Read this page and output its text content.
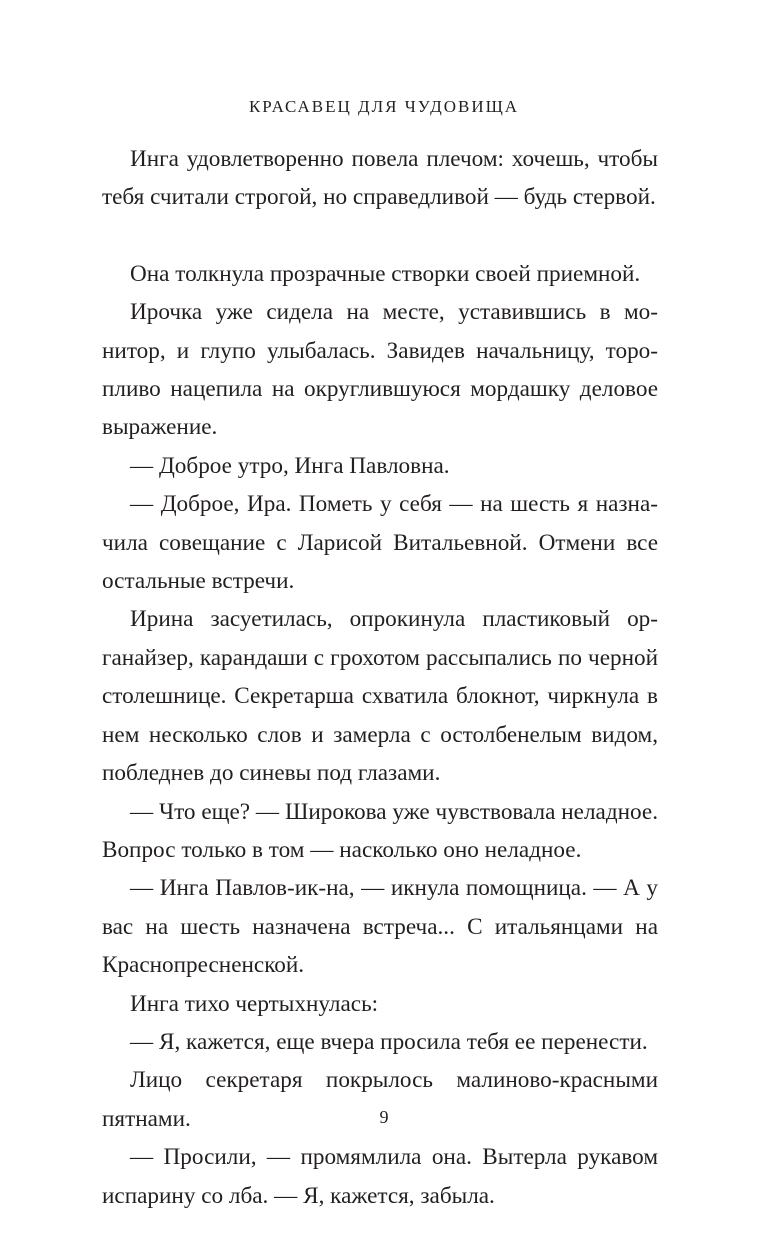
КРАСАВЕЦ ДЛЯ ЧУДОВИЩА

Инга удовлетворенно повела плечом: хочешь, чтобы тебя считали строгой, но справедливой — будь стервой.

Она толкнула прозрачные створки своей приемной.

Ирочка уже сидела на месте, уставившись в монитор, и глупо улыбалась. Завидев начальницу, торопливо нацепила на округлившуюся мордашку деловое выражение.

— Доброе утро, Инга Павловна.

— Доброе, Ира. Пометь у себя — на шесть я назначила совещание с Ларисой Витальевной. Отмени все остальные встречи.

Ирина засуетилась, опрокинула пластиковый органайзер, карандаши с грохотом рассыпались по черной столешнице. Секретарша схватила блокнот, чиркнула в нем несколько слов и замерла с остолбенелым видом, побледнев до синевы под глазами.

— Что еще? — Широкова уже чувствовала неладное. Вопрос только в том — насколько оно неладное.

— Инга Павлов-ик-на, — икнула помощница. — А у вас на шесть назначена встреча... С итальянцами на Краснопресненской.

Инга тихо чертыхнулась:

— Я, кажется, еще вчера просила тебя ее перенести.

Лицо секретаря покрылось малиново-красными пятнами.

— Просили, — промямлила она. Вытерла рукавом испарину со лба. — Я, кажется, забыла.

9
